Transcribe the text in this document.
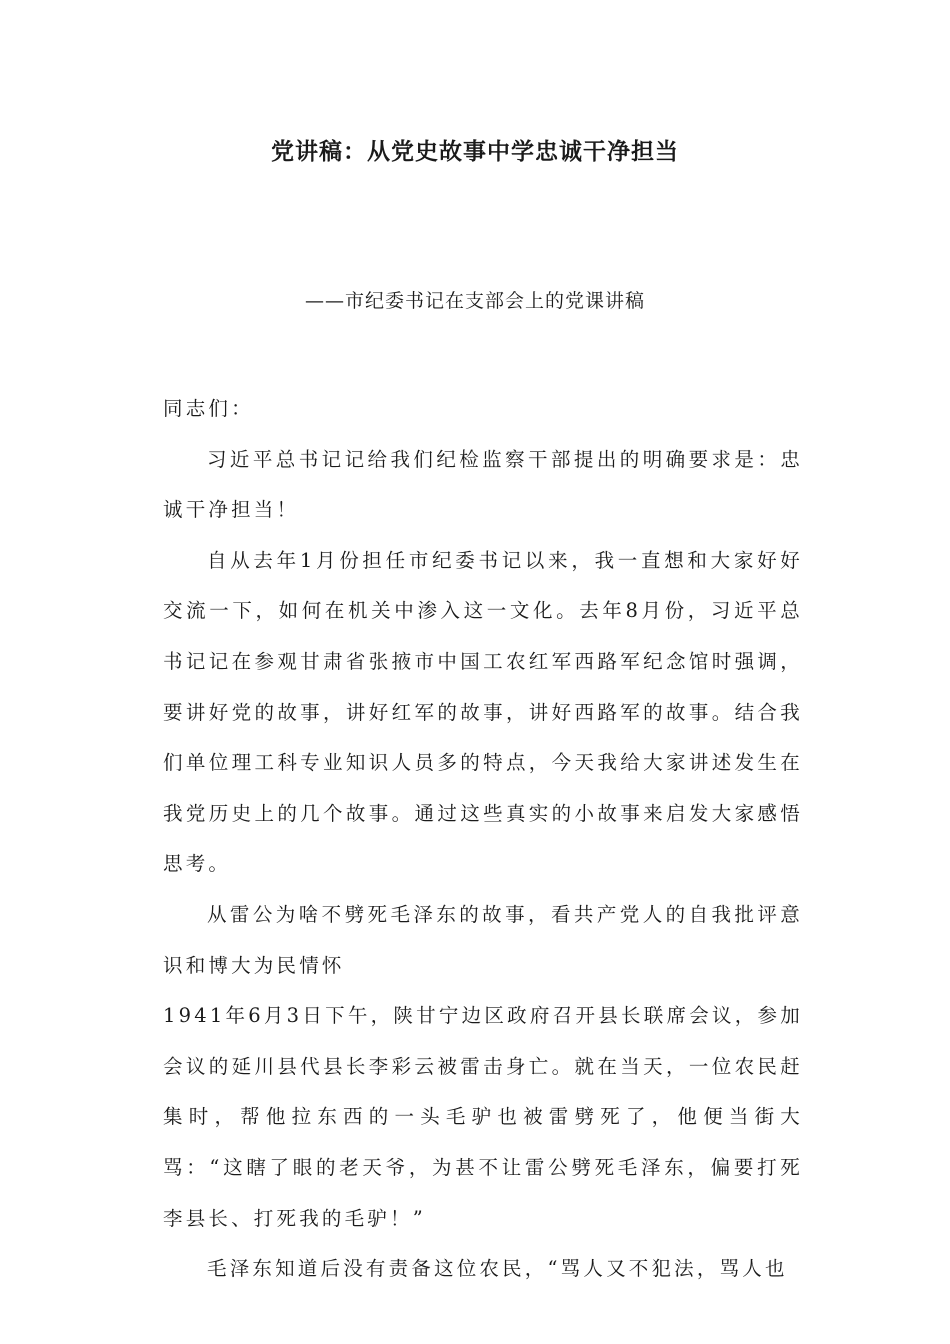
党讲稿：从党史故事中学忠诚干净担当
——市纪委书记在支部会上的党课讲稿

同志们：

习近平总书记记给我们纪检监察干部提出的明确要求是：忠诚干净担当！

自从去年1月份担任市纪委书记以来，我一直想和大家好好交流一下，如何在机关中渗入这一文化。去年8月份，习近平总书记记在参观甘肃省张掖市中国工农红军西路军纪念馆时强调，要讲好党的故事，讲好红军的故事，讲好西路军的故事。结合我们单位理工科专业知识人员多的特点，今天我给大家讲述发生在我党历史上的几个故事。通过这些真实的小故事来启发大家感悟思考。

从雷公为啥不劈死毛泽东的故事，看共产党人的自我批评意识和博大为民情怀

1941年6月3日下午，陕甘宁边区政府召开县长联席会议，参加会议的延川县代县长李彩云被雷击身亡。就在当天，一位农民赶集时，帮他拉东西的一头毛驴也被雷劈死了，他便当街大骂：“这瞎了眼的老天爷，为甚不让雷公劈死毛泽东，偏要打死李县长、打死我的毛驴！”

毛泽东知道后没有责备这位农民，“骂人又不犯法，骂人也
